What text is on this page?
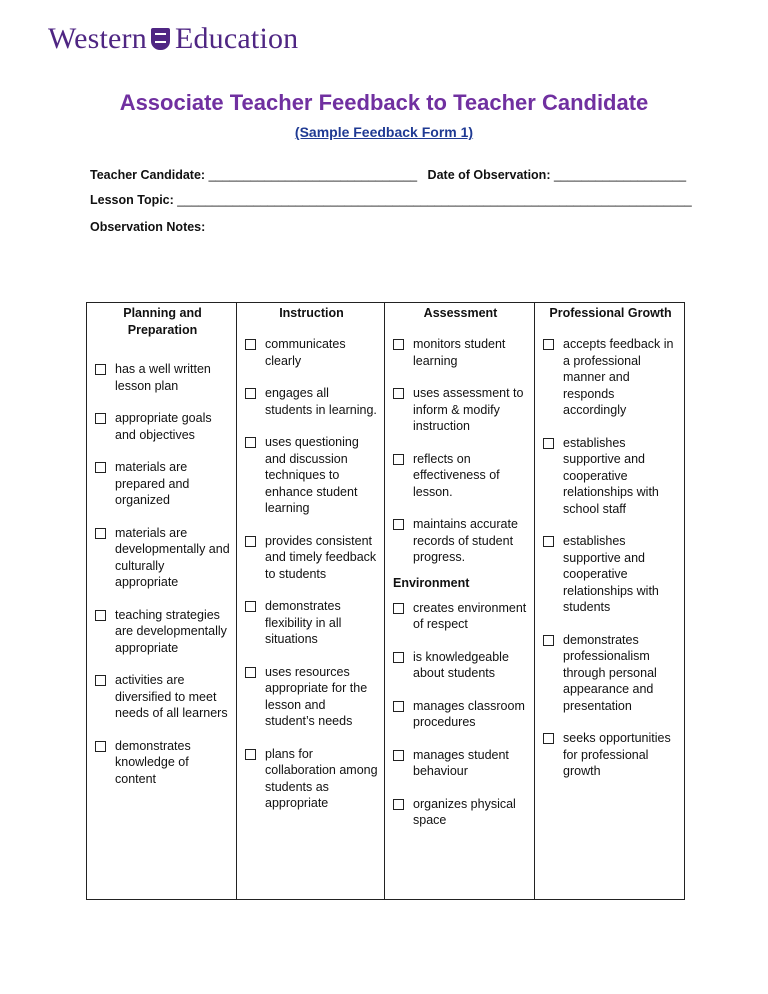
Western Education
Associate Teacher Feedback to Teacher Candidate
(Sample Feedback Form 1)
Teacher Candidate: ______________________________ Date of Observation: ___________________
Lesson Topic: __________________________________________________________________________
Observation Notes:
Planning and Preparation
has a well written lesson plan
appropriate goals and objectives
materials are prepared and organized
materials are developmentally and culturally appropriate
teaching strategies are developmentally appropriate
activities are diversified to meet needs of all learners
demonstrates knowledge of content

Instruction
communicates clearly
engages all students in learning.
uses questioning and discussion techniques to enhance student learning
provides consistent and timely feedback to students
demonstrates flexibility in all situations
uses resources appropriate for the lesson and student’s needs
plans for collaboration among students as appropriate

Assessment
monitors student learning
uses assessment to inform & modify instruction
reflects on effectiveness of lesson.
maintains accurate records of student progress.
Environment
creates environment of respect
is knowledgeable about students
manages classroom procedures
manages student behaviour
organizes physical space

Professional Growth
accepts feedback in a professional manner and responds accordingly
establishes supportive and cooperative relationships with school staff
establishes supportive and cooperative relationships with students
demonstrates professionalism through personal appearance and presentation
seeks opportunities for professional growth
